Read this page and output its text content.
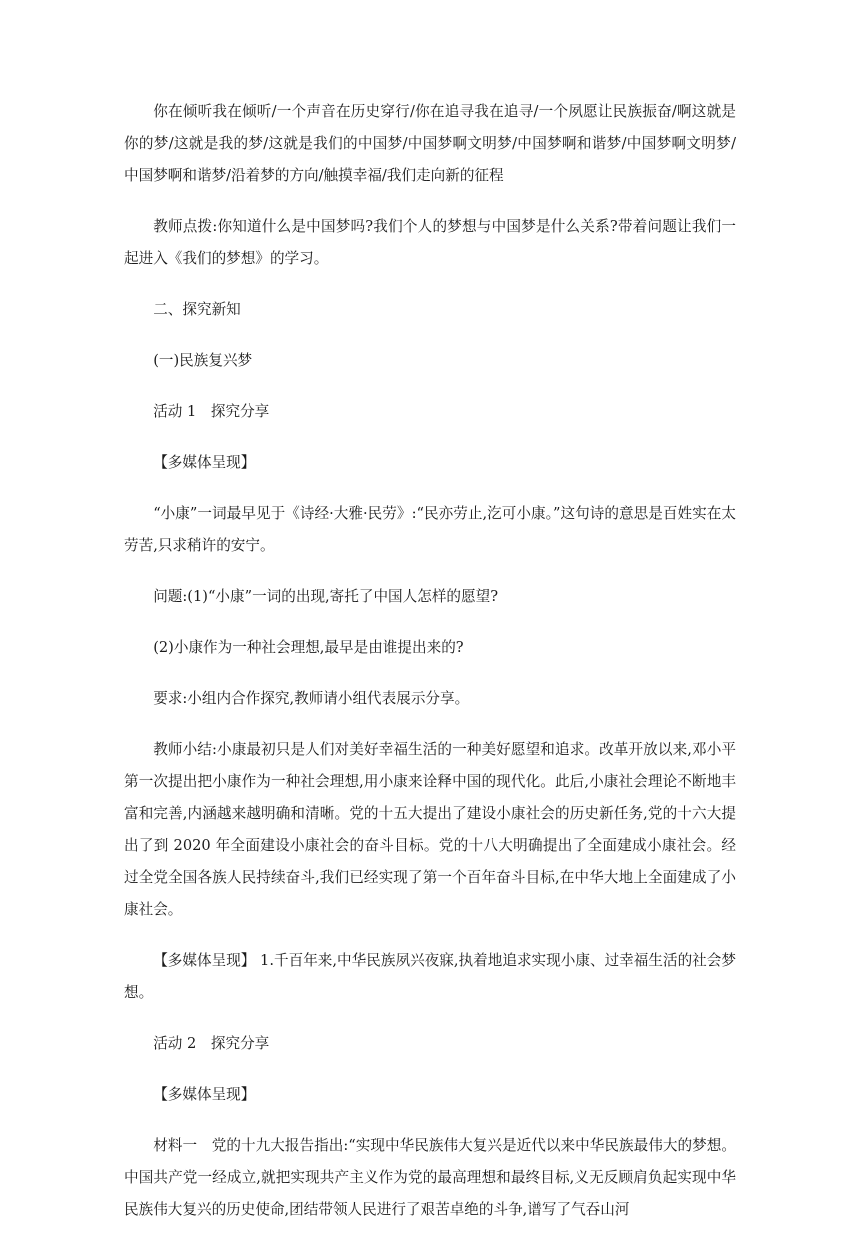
你在倾听我在倾听/一个声音在历史穿行/你在追寻我在追寻/一个夙愿让民族振奋/啊这就是你的梦/这就是我的梦/这就是我们的中国梦/中国梦啊文明梦/中国梦啊和谐梦/中国梦啊文明梦/中国梦啊和谐梦/沿着梦的方向/触摸幸福/我们走向新的征程

教师点拨:你知道什么是中国梦吗?我们个人的梦想与中国梦是什么关系?带着问题让我们一起进入《我们的梦想》的学习。

二、探究新知

(一)民族复兴梦

活动 1　探究分享

【多媒体呈现】

“小康”一词最早见于《诗经·大雅·民劳》:“民亦劳止,汔可小康。”这句诗的意思是百姓实在太劳苦,只求稍许的安宁。

问题:(1)“小康”一词的出现,寄托了中国人怎样的愿望?

(2)小康作为一种社会理想,最早是由谁提出来的?

要求:小组内合作探究,教师请小组代表展示分享。

教师小结:小康最初只是人们对美好幸福生活的一种美好愿望和追求。改革开放以来,邓小平第一次提出把小康作为一种社会理想,用小康来诠释中国的现代化。此后,小康社会理论不断地丰富和完善,内涵越来越明确和清晰。党的十五大提出了建设小康社会的历史新任务,党的十六大提出了到 2020 年全面建设小康社会的奋斗目标。党的十八大明确提出了全面建成小康社会。经过全党全国各族人民持续奋斗,我们已经实现了第一个百年奋斗目标,在中华大地上全面建成了小康社会。

【多媒体呈现】 1.千百年来,中华民族夙兴夜寐,执着地追求实现小康、过幸福生活的社会梦想。

活动 2　探究分享

【多媒体呈现】

材料一　党的十九大报告指出:“实现中华民族伟大复兴是近代以来中华民族最伟大的梦想。中国共产党一经成立,就把实现共产主义作为党的最高理想和最终目标,义无反顾肩负起实现中华民族伟大复兴的历史使命,团结带领人民进行了艰苦卓绝的斗争,谱写了气吞山河
